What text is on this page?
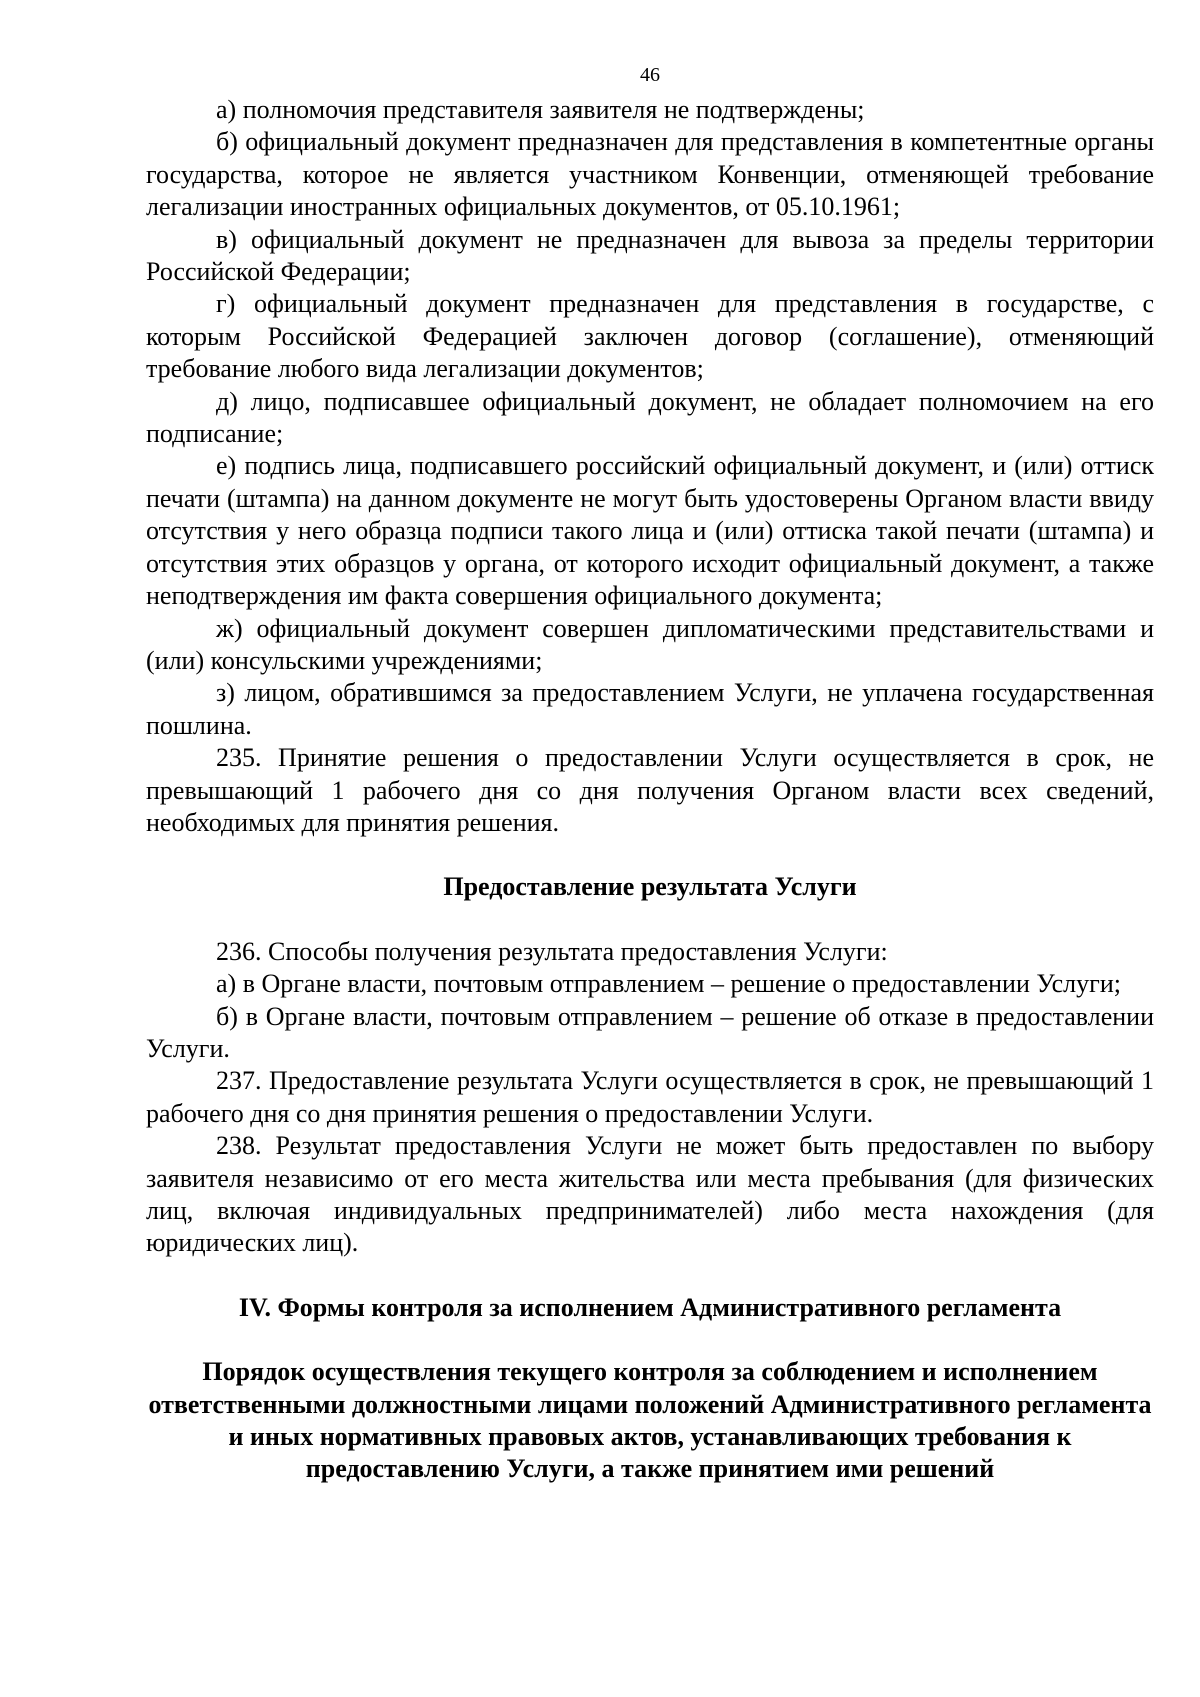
46

а) полномочия представителя заявителя не подтверждены;

б) официальный документ предназначен для представления в компетентные органы государства, которое не является участником Конвенции, отменяющей требование легализации иностранных официальных документов, от 05.10.1961;

в) официальный документ не предназначен для вывоза за пределы территории Российской Федерации;

г) официальный документ предназначен для представления в государстве, с которым Российской Федерацией заключен договор (соглашение), отменяющий требование любого вида легализации документов;

д) лицо, подписавшее официальный документ, не обладает полномочием на его подписание;

е) подпись лица, подписавшего российский официальный документ, и (или) оттиск печати (штампа) на данном документе не могут быть удостоверены Органом власти ввиду отсутствия у него образца подписи такого лица и (или) оттиска такой печати (штампа) и отсутствия этих образцов у органа, от которого исходит официальный документ, а также неподтверждения им факта совершения официального документа;

ж) официальный документ совершен дипломатическими представительствами и (или) консульскими учреждениями;

з) лицом, обратившимся за предоставлением Услуги, не уплачена государственная пошлина.

235. Принятие решения о предоставлении Услуги осуществляется в срок, не превышающий 1 рабочего дня со дня получения Органом власти всех сведений, необходимых для принятия решения.

Предоставление результата Услуги

236. Способы получения результата предоставления Услуги:

а) в Органе власти, почтовым отправлением – решение о предоставлении Услуги;

б) в Органе власти, почтовым отправлением – решение об отказе в предоставлении Услуги.

237. Предоставление результата Услуги осуществляется в срок, не превышающий 1 рабочего дня со дня принятия решения о предоставлении Услуги.

238. Результат предоставления Услуги не может быть предоставлен по выбору заявителя независимо от его места жительства или места пребывания (для физических лиц, включая индивидуальных предпринимателей) либо места нахождения (для юридических лиц).

IV. Формы контроля за исполнением Административного регламента
Порядок осуществления текущего контроля за соблюдением и исполнением ответственными должностными лицами положений Административного регламента и иных нормативных правовых актов, устанавливающих требования к предоставлению Услуги, а также принятием ими решений
